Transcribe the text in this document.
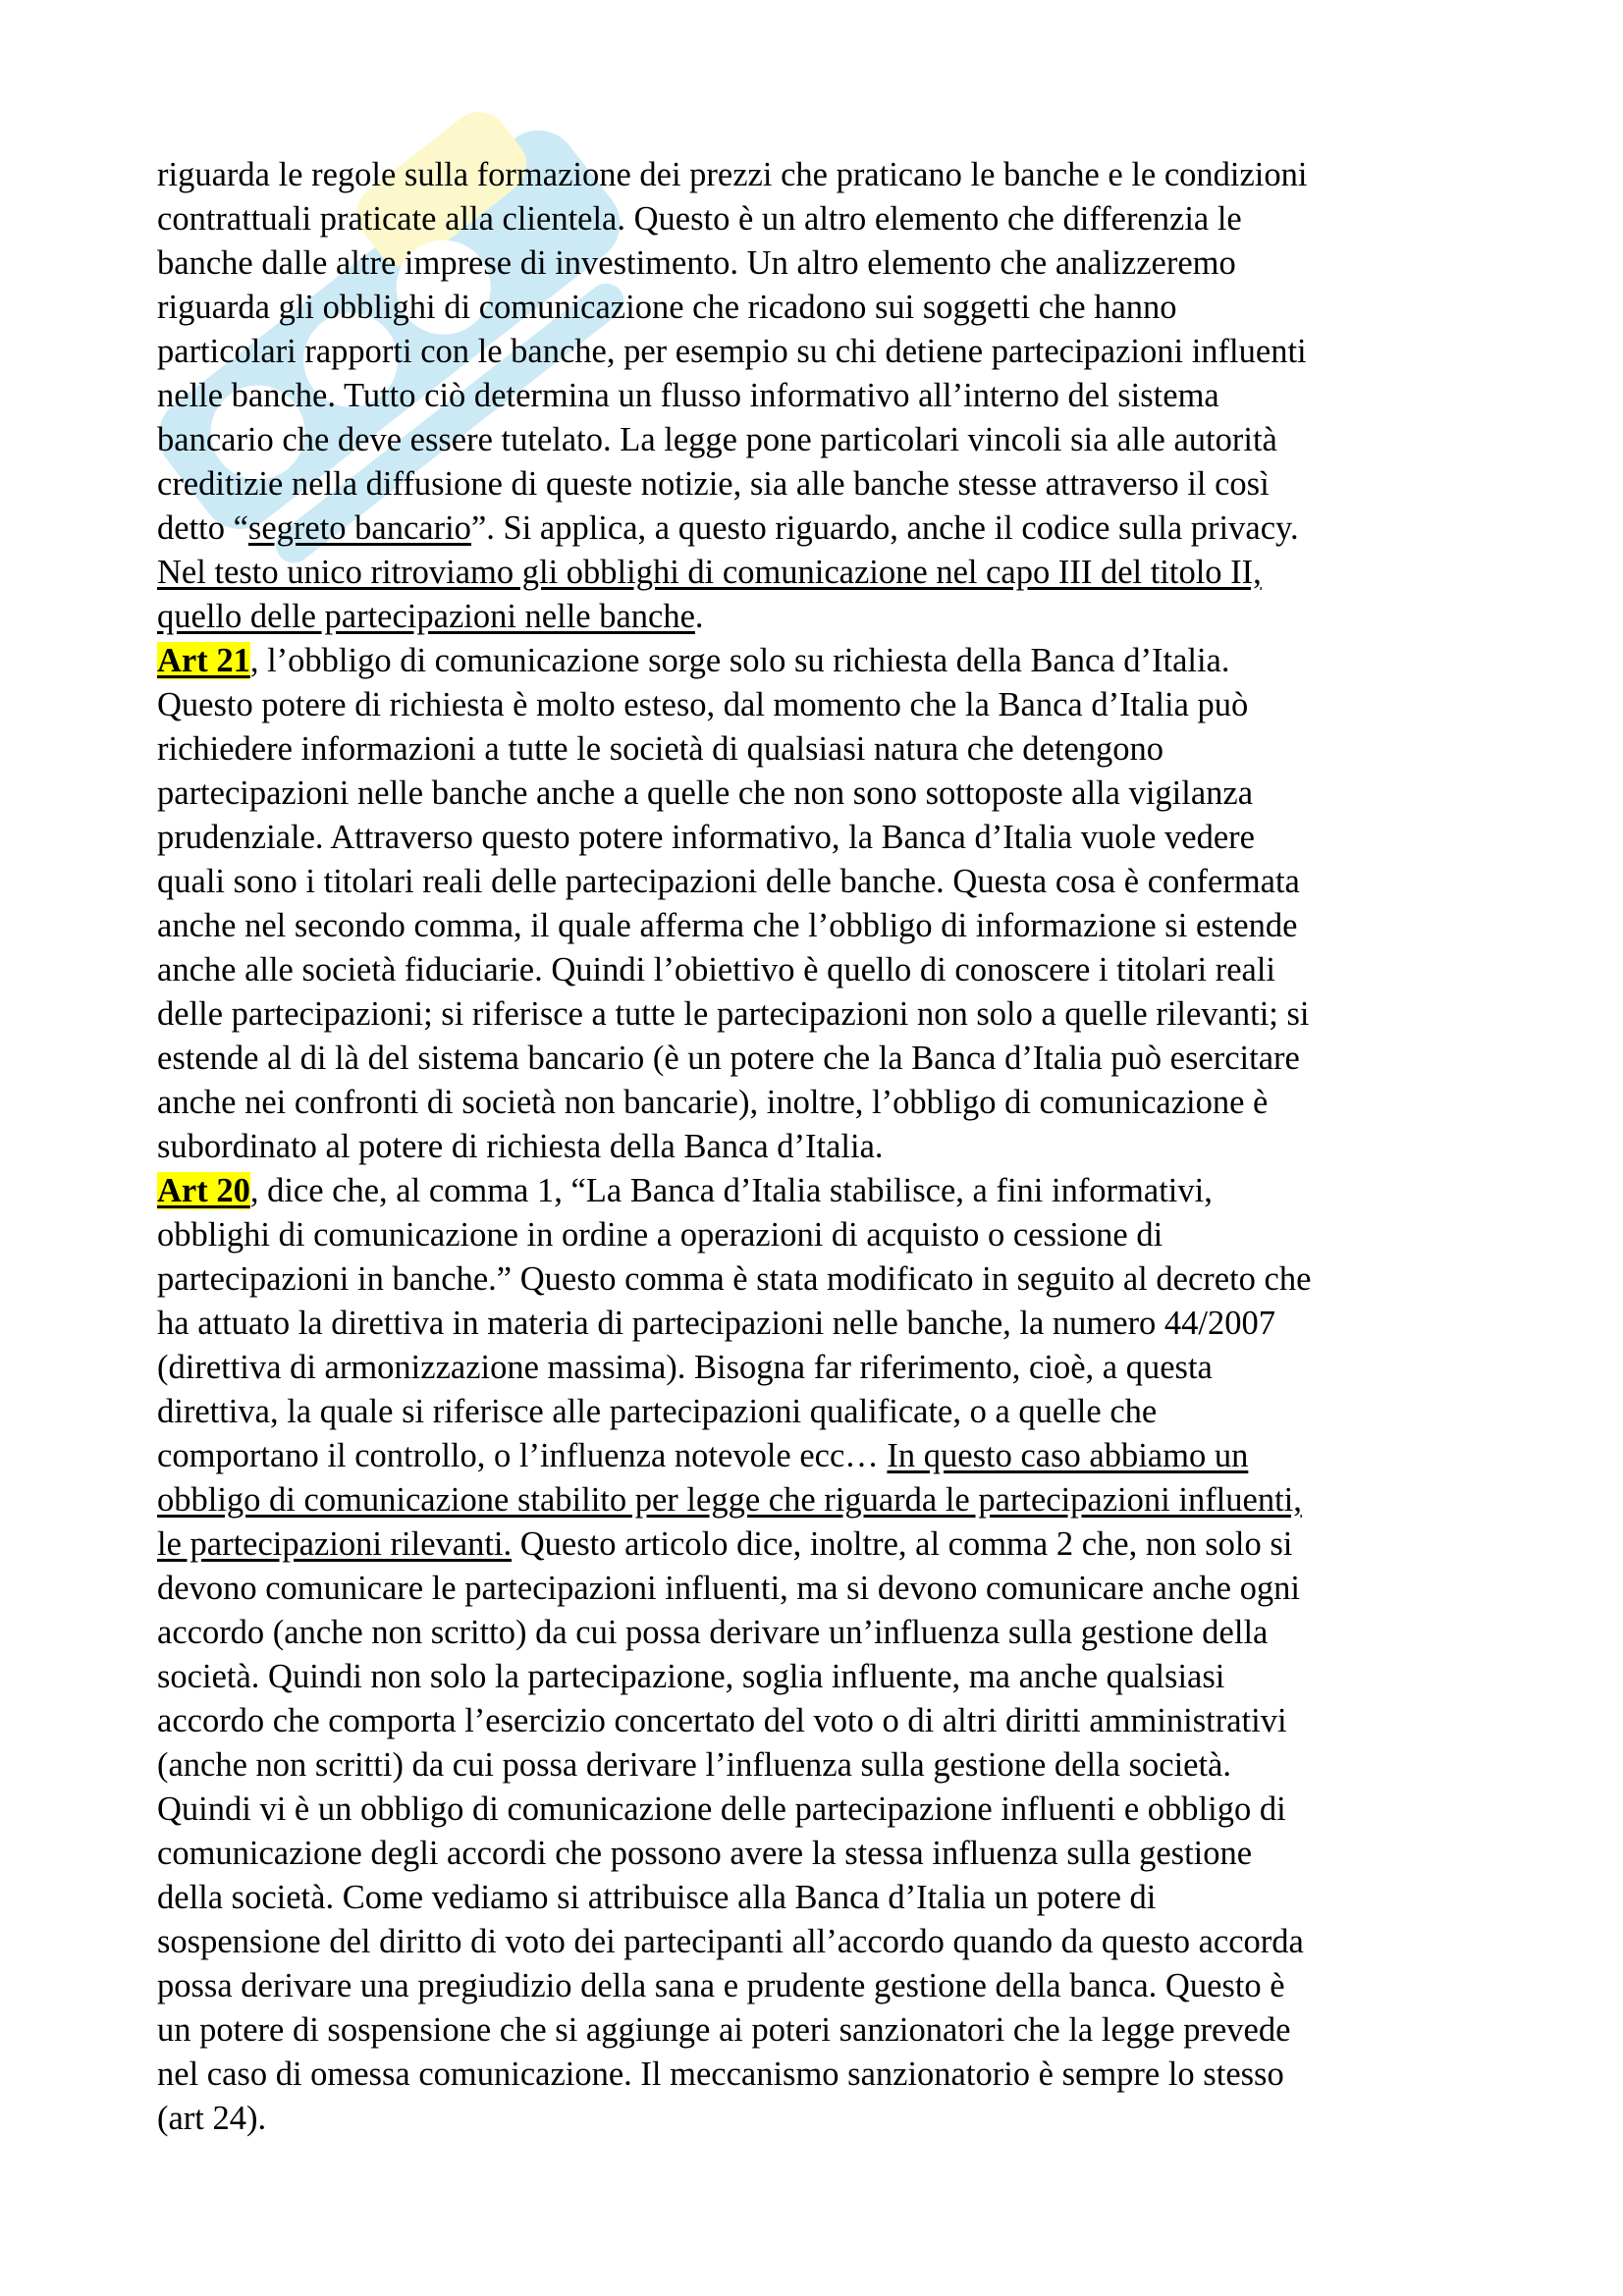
riguarda le regole sulla formazione dei prezzi che praticano le banche e le condizioni
contrattuali praticate alla clientela. Questo è un altro elemento che differenzia le
banche dalle altre imprese di investimento. Un altro elemento che analizzeremo
riguarda gli obblighi di comunicazione che ricadono sui soggetti che hanno
particolari rapporti con le banche, per esempio su chi detiene partecipazioni influenti
nelle banche. Tutto ciò determina un flusso informativo all’interno del sistema
bancario che deve essere tutelato. La legge pone particolari vincoli sia alle autorità
creditizie nella diffusione di queste notizie, sia alle banche stesse attraverso il così
detto “segreto bancario”. Si applica, a questo riguardo, anche il codice sulla privacy.
Nel testo unico ritroviamo gli obblighi di comunicazione nel capo III del titolo II,
quello delle partecipazioni nelle banche.
Art 21, l’obbligo di comunicazione sorge solo su richiesta della Banca d’Italia.
Questo potere di richiesta è molto esteso, dal momento che la Banca d’Italia può
richiedere informazioni a tutte le società di qualsiasi natura che detengono
partecipazioni nelle banche anche a quelle che non sono sottoposte alla vigilanza
prudenziale. Attraverso questo potere informativo, la Banca d’Italia vuole vedere
quali sono i titolari reali delle partecipazioni delle banche. Questa cosa è confermata
anche nel secondo comma, il quale afferma che l’obbligo di informazione si estende
anche alle società fiduciarie. Quindi l’obiettivo è quello di conoscere i titolari reali
delle partecipazioni; si riferisce a tutte le partecipazioni non solo a quelle rilevanti; si
estende al di là del sistema bancario (è un potere che la Banca d’Italia può esercitare
anche nei confronti di società non bancarie), inoltre, l’obbligo di comunicazione è
subordinato al potere di richiesta della Banca d’Italia.
Art 20, dice che, al comma 1, “La Banca d’Italia stabilisce, a fini informativi,
obblighi di comunicazione in ordine a operazioni di acquisto o cessione di
partecipazioni in banche.” Questo comma è stata modificato in seguito al decreto che
ha attuato la direttiva in materia di partecipazioni nelle banche, la numero 44/2007
(direttiva di armonizzazione massima). Bisogna far riferimento, cioè, a questa
direttiva, la quale si riferisce alle partecipazioni qualificate, o a quelle che
comportano il controllo, o l’influenza notevole ecc… In questo caso abbiamo un
obbligo di comunicazione stabilito per legge che riguarda le partecipazioni influenti,
le partecipazioni rilevanti. Questo articolo dice, inoltre, al comma 2 che, non solo si
devono comunicare le partecipazioni influenti, ma si devono comunicare anche ogni
accordo (anche non scritto) da cui possa derivare un’influenza sulla gestione della
società. Quindi non solo la partecipazione, soglia influente, ma anche qualsiasi
accordo che comporta l’esercizio concertato del voto o di altri diritti amministrativi
(anche non scritti) da cui possa derivare l’influenza sulla gestione della società.
Quindi vi è un obbligo di comunicazione delle partecipazione influenti e obbligo di
comunicazione degli accordi che possono avere la stessa influenza sulla gestione
della società. Come vediamo si attribuisce alla Banca d’Italia un potere di
sospensione del diritto di voto dei partecipanti all’accordo quando da questo accorda
possa derivare una pregiudizio della sana e prudente gestione della banca. Questo è
un potere di sospensione che si aggiunge ai poteri sanzionatori che la legge prevede
nel caso di omessa comunicazione. Il meccanismo sanzionatorio è sempre lo stesso
(art 24).
